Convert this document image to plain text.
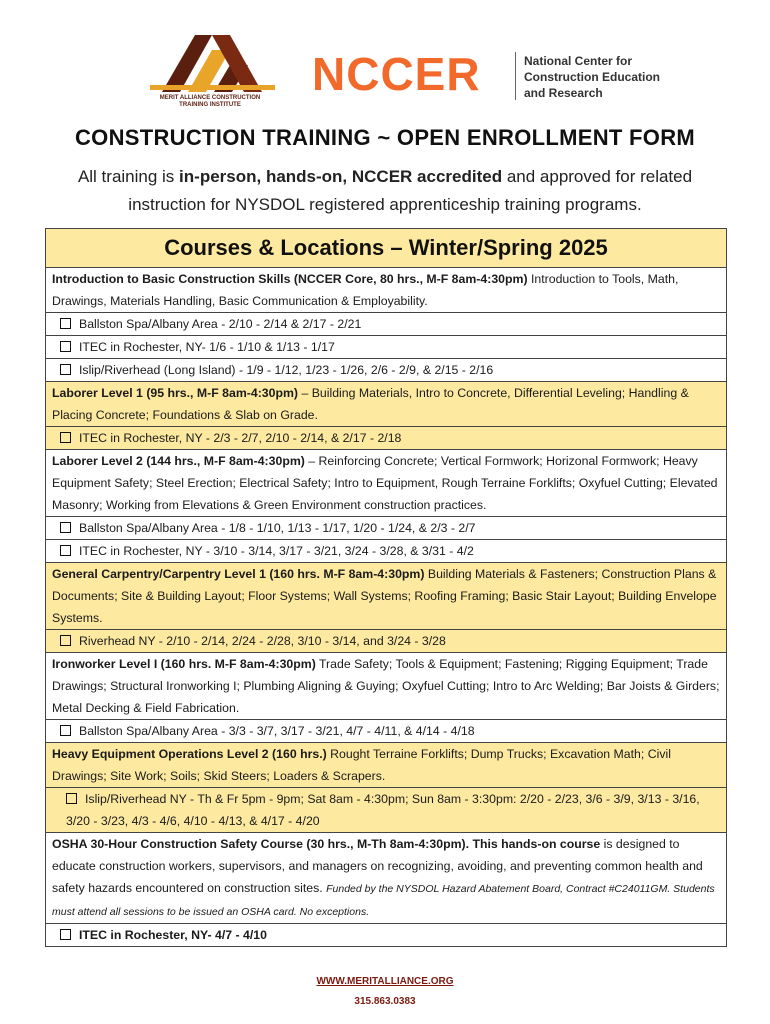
MERIT ALLIANCE CONSTRUCTION
TRAINING INSTITUTE
NCCER	National Center for
Construction Education
and Research
CONSTRUCTION TRAINING ~ OPEN ENROLLMENT FORM
All training is in-person, hands-on, NCCER accredited and approved for related instruction for NYSDOL registered apprenticeship training programs.
Courses & Locations – Winter/Spring 2025
Introduction to Basic Construction Skills (NCCER Core, 80 hrs., M-F 8am-4:30pm) Introduction to Tools, Math, Drawings, Materials Handling, Basic Communication & Employability.
Ballston Spa/Albany Area - 2/10 - 2/14 & 2/17 - 2/21
ITEC in Rochester, NY- 1/6 - 1/10 & 1/13 - 1/17
Islip/Riverhead (Long Island) - 1/9 - 1/12, 1/23 - 1/26, 2/6 - 2/9, & 2/15 - 2/16
Laborer Level 1 (95 hrs., M-F 8am-4:30pm) – Building Materials, Intro to Concrete, Differential Leveling; Handling & Placing Concrete; Foundations & Slab on Grade.
ITEC in Rochester, NY - 2/3 - 2/7, 2/10 - 2/14, & 2/17 - 2/18
Laborer Level 2 (144 hrs., M-F 8am-4:30pm) – Reinforcing Concrete; Vertical Formwork; Horizonal Formwork; Heavy Equipment Safety; Steel Erection; Electrical Safety; Intro to Equipment, Rough Terraine Forklifts; Oxyfuel Cutting; Elevated Masonry; Working from Elevations & Green Environment construction practices.
Ballston Spa/Albany Area - 1/8 - 1/10, 1/13 - 1/17, 1/20 - 1/24, & 2/3 - 2/7
ITEC in Rochester, NY - 3/10 - 3/14, 3/17 - 3/21, 3/24 - 3/28, & 3/31 - 4/2
General Carpentry/Carpentry Level 1 (160 hrs. M-F 8am-4:30pm) Building Materials & Fasteners; Construction Plans & Documents; Site & Building Layout; Floor Systems; Wall Systems; Roofing Framing; Basic Stair Layout; Building Envelope Systems.
Riverhead NY - 2/10 - 2/14, 2/24 - 2/28, 3/10 - 3/14, and 3/24 - 3/28
Ironworker Level I (160 hrs. M-F 8am-4:30pm) Trade Safety; Tools & Equipment; Fastening; Rigging Equipment; Trade Drawings; Structural Ironworking I; Plumbing Aligning & Guying; Oxyfuel Cutting; Intro to Arc Welding; Bar Joists & Girders; Metal Decking & Field Fabrication.
Ballston Spa/Albany Area - 3/3 - 3/7, 3/17 - 3/21, 4/7 - 4/11, & 4/14 - 4/18
Heavy Equipment Operations Level 2 (160 hrs.) Rought Terraine Forklifts; Dump Trucks; Excavation Math; Civil Drawings; Site Work; Soils; Skid Steers; Loaders & Scrapers.
Islip/Riverhead NY - Th & Fr 5pm - 9pm; Sat 8am - 4:30pm; Sun 8am - 3:30pm: 2/20 - 2/23, 3/6 - 3/9, 3/13 - 3/16, 3/20 - 3/23, 4/3 - 4/6, 4/10 - 4/13, & 4/17 - 4/20
OSHA 30-Hour Construction Safety Course (30 hrs., M-Th 8am-4:30pm). This hands-on course is designed to educate construction workers, supervisors, and managers on recognizing, avoiding, and preventing common health and safety hazards encountered on construction sites. Funded by the NYSDOL Hazard Abatement Board, Contract #C24011GM. Students must attend all sessions to be issued an OSHA card. No exceptions.
ITEC in Rochester, NY- 4/7 - 4/10
WWW.MERITALLIANCE.ORG
315.863.0383
